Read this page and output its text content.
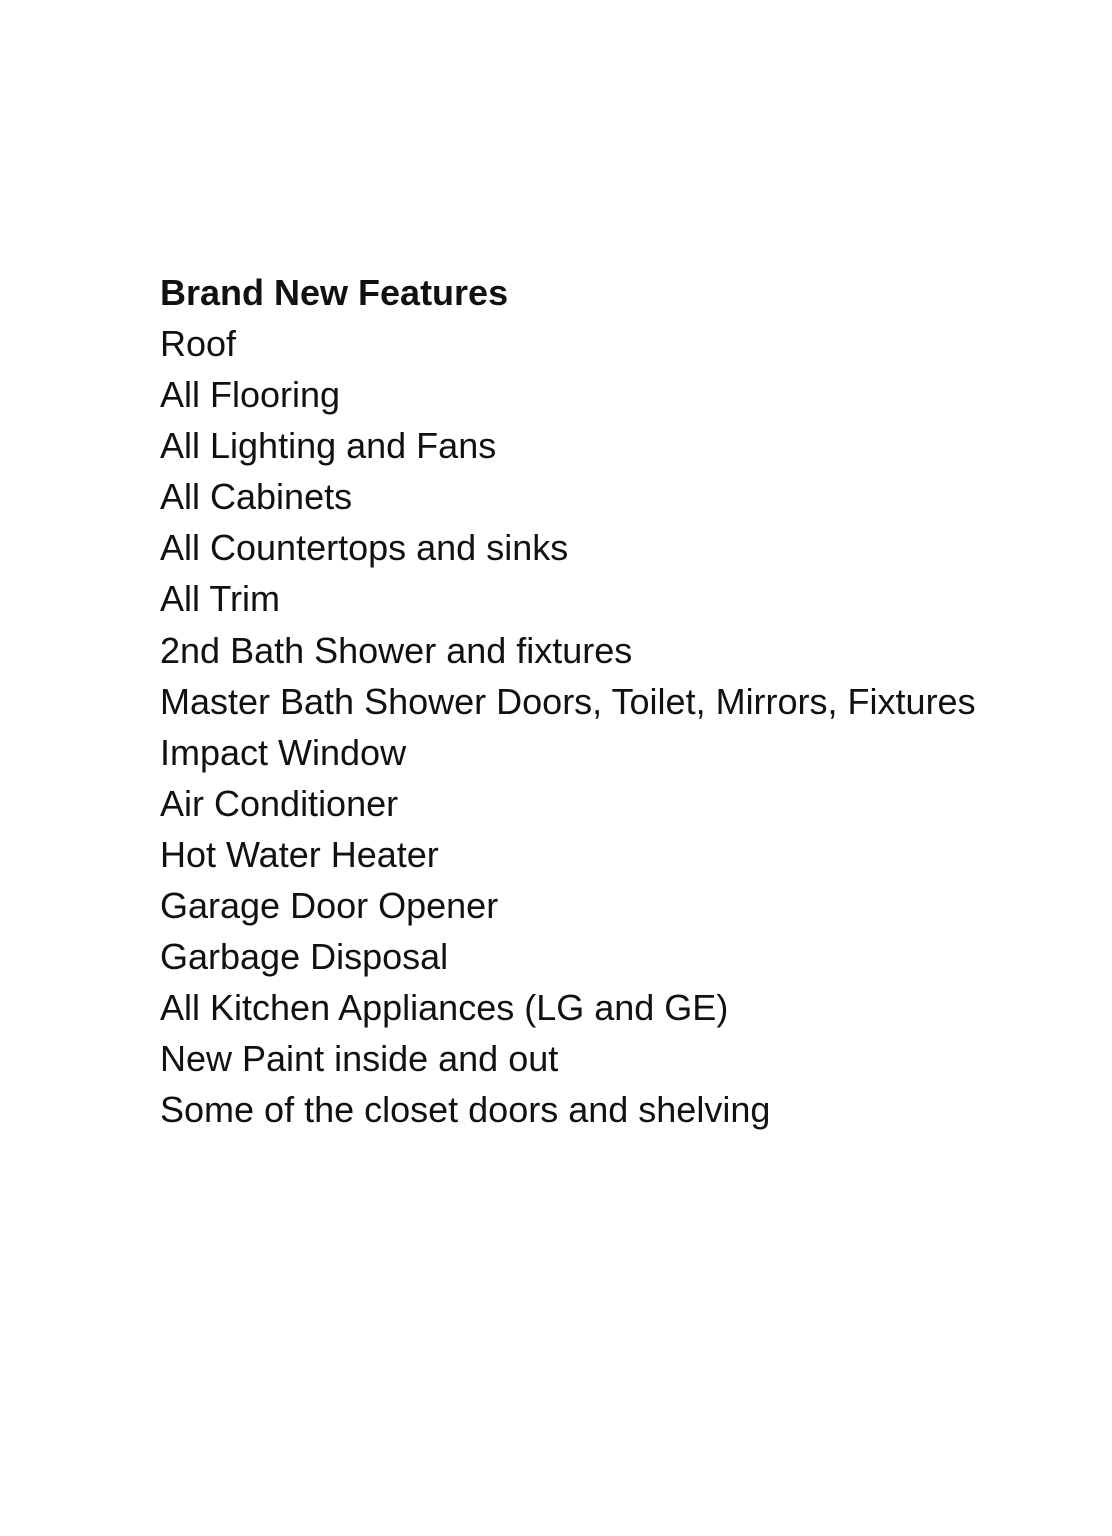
Brand New Features
Roof
All Flooring
All Lighting and Fans
All Cabinets
All Countertops and sinks
All Trim
2nd Bath Shower and fixtures
Master Bath Shower Doors, Toilet, Mirrors, Fixtures
Impact Window
Air Conditioner
Hot Water Heater
Garage Door Opener
Garbage Disposal
All Kitchen Appliances (LG and GE)
New Paint inside and out
Some of the closet doors and shelving
